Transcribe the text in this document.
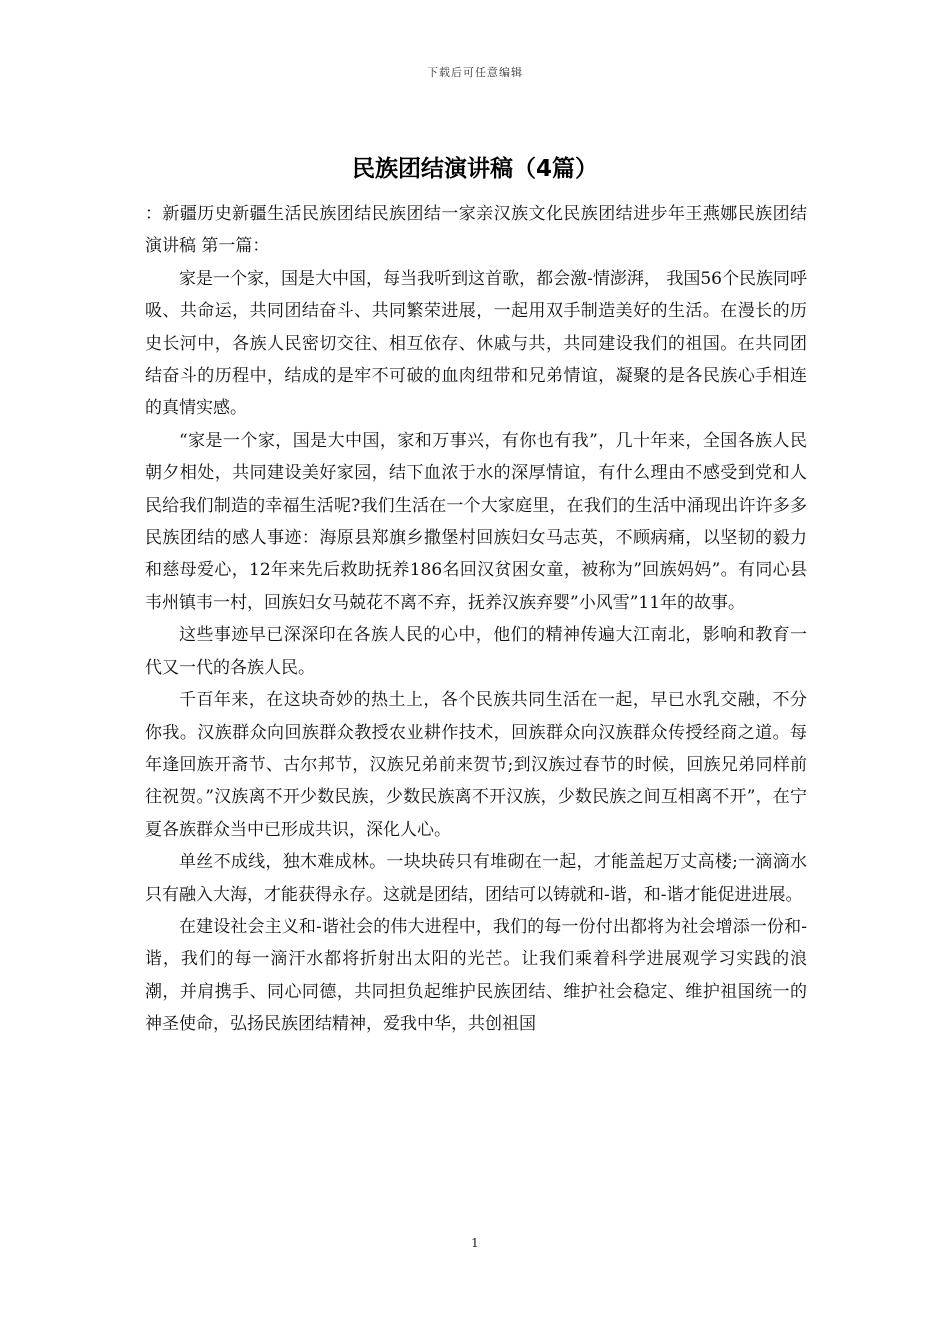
下载后可任意编辑
民族团结演讲稿（4篇）

：新疆历史新疆生活民族团结民族团结一家亲汉族文化民族团结进步年王燕娜民族团结演讲稿 第一篇：

家是一个家，国是大中国，每当我听到这首歌，都会激-情澎湃， 我国56个民族同呼吸、共命运，共同团结奋斗、共同繁荣进展，一起用双手制造美好的生活。在漫长的历史长河中，各族人民密切交往、相互依存、休戚与共，共同建设我们的祖国。在共同团结奋斗的历程中，结成的是牢不可破的血肉纽带和兄弟情谊，凝聚的是各民族心手相连的真情实感。

“家是一个家，国是大中国，家和万事兴，有你也有我”，几十年来，全国各族人民朝夕相处，共同建设美好家园，结下血浓于水的深厚情谊，有什么理由不感受到党和人民给我们制造的幸福生活呢?我们生活在一个大家庭里，在我们的生活中涌现出许许多多民族团结的感人事迹：海原县郑旗乡撒堡村回族妇女马志英，不顾病痛，以坚韧的毅力和慈母爱心，12年来先后救助抚养186名回汉贫困女童，被称为”回族妈妈”。有同心县韦州镇韦一村，回族妇女马兢花不离不弃，抚养汉族弃婴”小风雪”11年的故事。

这些事迹早已深深印在各族人民的心中，他们的精神传遍大江南北，影响和教育一代又一代的各族人民。

千百年来，在这块奇妙的热土上，各个民族共同生活在一起，早已水乳交融，不分你我。汉族群众向回族群众教授农业耕作技术，回族群众向汉族群众传授经商之道。每年逢回族开斋节、古尔邦节，汉族兄弟前来贺节;到汉族过春节的时候，回族兄弟同样前往祝贺。”汉族离不开少数民族，少数民族离不开汉族，少数民族之间互相离不开”，在宁夏各族群众当中已形成共识，深化人心。

单丝不成线，独木难成林。一块块砖只有堆砌在一起，才能盖起万丈高楼;一滴滴水只有融入大海，才能获得永存。这就是团结，团结可以铸就和-谐，和-谐才能促进进展。

在建设社会主义和-谐社会的伟大进程中，我们的每一份付出都将为社会增添一份和-谐，我们的每一滴汗水都将折射出太阳的光芒。让我们乘着科学进展观学习实践的浪潮，并肩携手、同心同德，共同担负起维护民族团结、维护社会稳定、维护祖国统一的神圣使命，弘扬民族团结精神，爱我中华，共创祖国

1
